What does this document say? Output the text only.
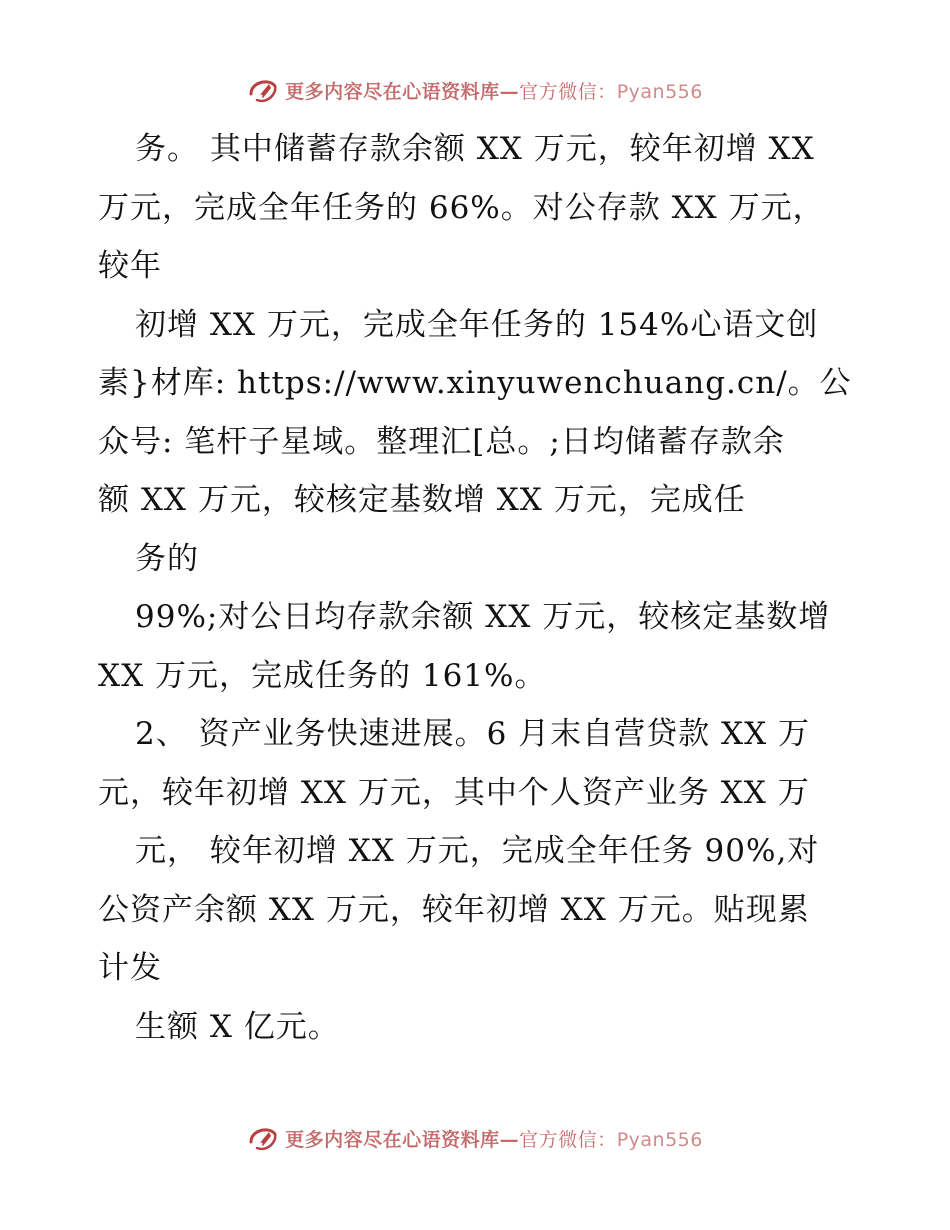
更多内容尽在心语资料库—官方微信：Pyan556
务。 其中储蓄存款余额 XX 万元，较年初增 XX
万元，完成全年任务的 66%。对公存款 XX 万元，
较年
初增 XX 万元，完成全年任务的 154%心语文创
素}材库: https://www.xinyuwenchuang.cn/。公
众号: 笔杆子星域。整理汇[总。;日均储蓄存款余
额 XX 万元，较核定基数增 XX 万元，完成任
务的
99%;对公日均存款余额 XX 万元，较核定基数增
XX 万元，完成任务的 161%。
2、 资产业务快速进展。6 月末自营贷款 XX 万
元，较年初增 XX 万元，其中个人资产业务 XX 万
元， 较年初增 XX 万元，完成全年任务 90%,对
公资产余额 XX 万元，较年初增 XX 万元。贴现累
计发
生额 X 亿元。
更多内容尽在心语资料库—官方微信：Pyan556
